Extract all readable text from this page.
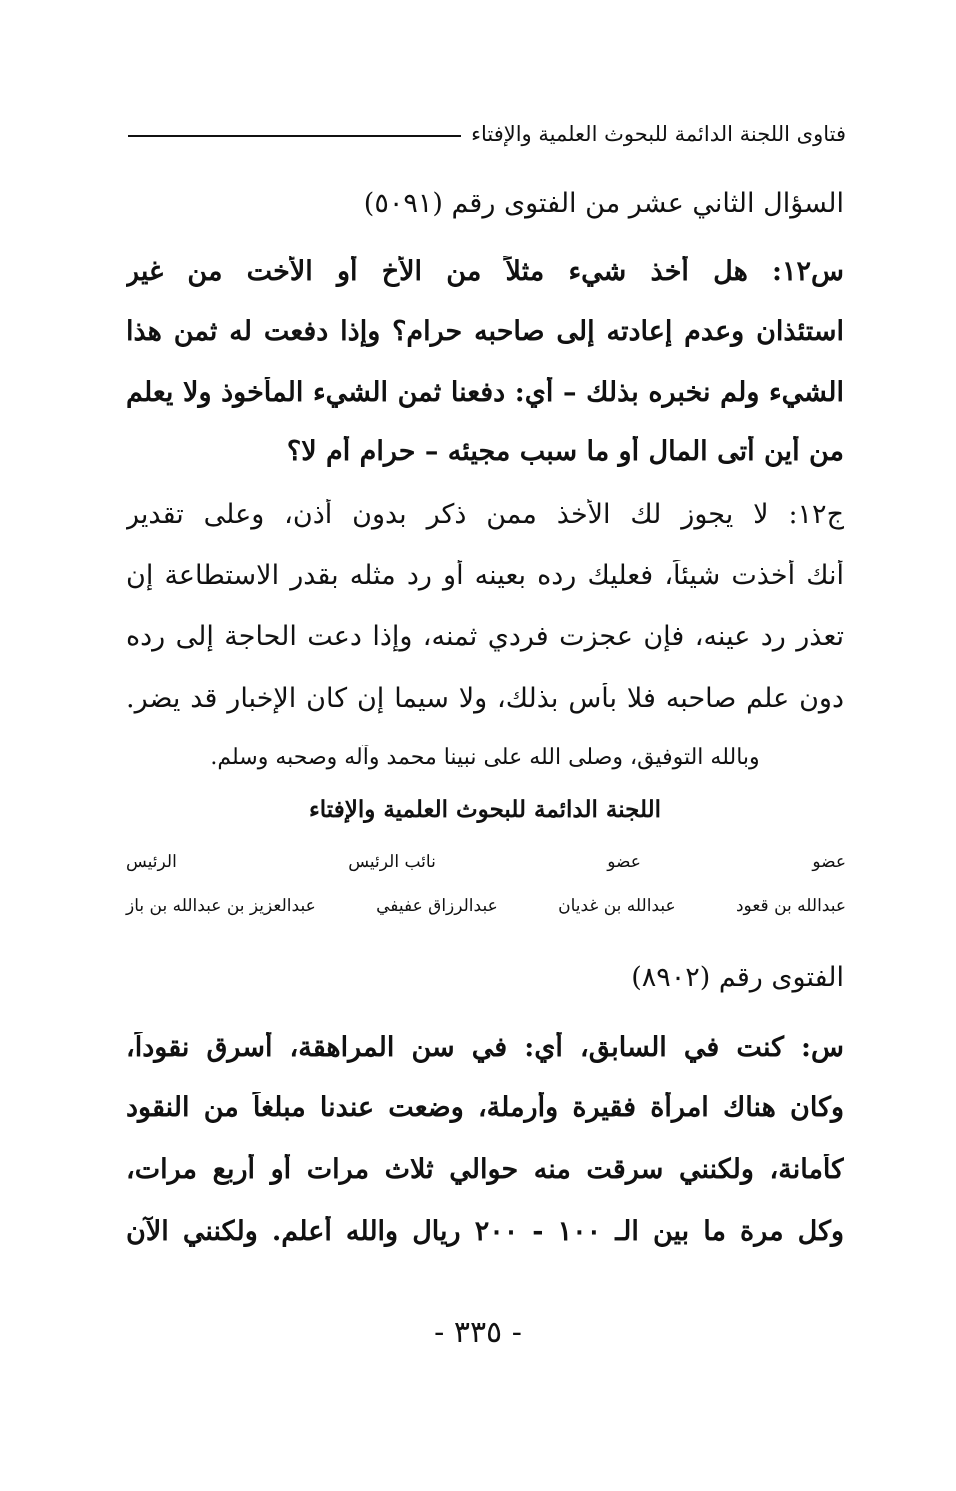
فتاوى اللجنة الدائمة للبحوث العلمية والإفتاء
السؤال الثاني عشر من الفتوى رقم (٥٠٩١)
س١٢: هل أخذ شيء مثلاً من الأخ أو الأخت من غير
استئذان وعدم إعادته إلى صاحبه حرام؟ وإذا دفعت له ثمن هذا
الشيء ولم نخبره بذلك – أي: دفعنا ثمن الشيء المأخوذ ولا يعلم
من أين أتى المال أو ما سبب مجيئه – حرام أم لا؟
ج١٢: لا يجوز لك الأخذ ممن ذكر بدون أذن، وعلى تقدير
أنك أخذت شيئاً، فعليك رده بعينه أو رد مثله بقدر الاستطاعة إن
تعذر رد عينه، فإن عجزت فردي ثمنه، وإذا دعت الحاجة إلى رده
دون علم صاحبه فلا بأس بذلك، ولا سيما إن كان الإخبار قد يضر.
وبالله التوفيق، وصلى الله على نبينا محمد وآله وصحبه وسلم.
اللجنة الدائمة للبحوث العلمية والإفتاء
عضو
عضو
نائب الرئيس
الرئيس
عبدالله بن قعود
عبدالله بن غديان
عبدالرزاق عفيفي
عبدالعزيز بن عبدالله بن باز
الفتوى رقم (٨٩٠٢)
س: كنت في السابق، أي: في سن المراهقة، أسرق نقوداً،
وكان هناك امرأة فقيرة وأرملة، وضعت عندنا مبلغاً من النقود
كأمانة، ولكنني سرقت منه حوالي ثلاث مرات أو أربع مرات،
وكل مرة ما بين الـ ١٠٠ - ٢٠٠ ريال والله أعلم. ولكنني الآن
- ٣٣٥ -
